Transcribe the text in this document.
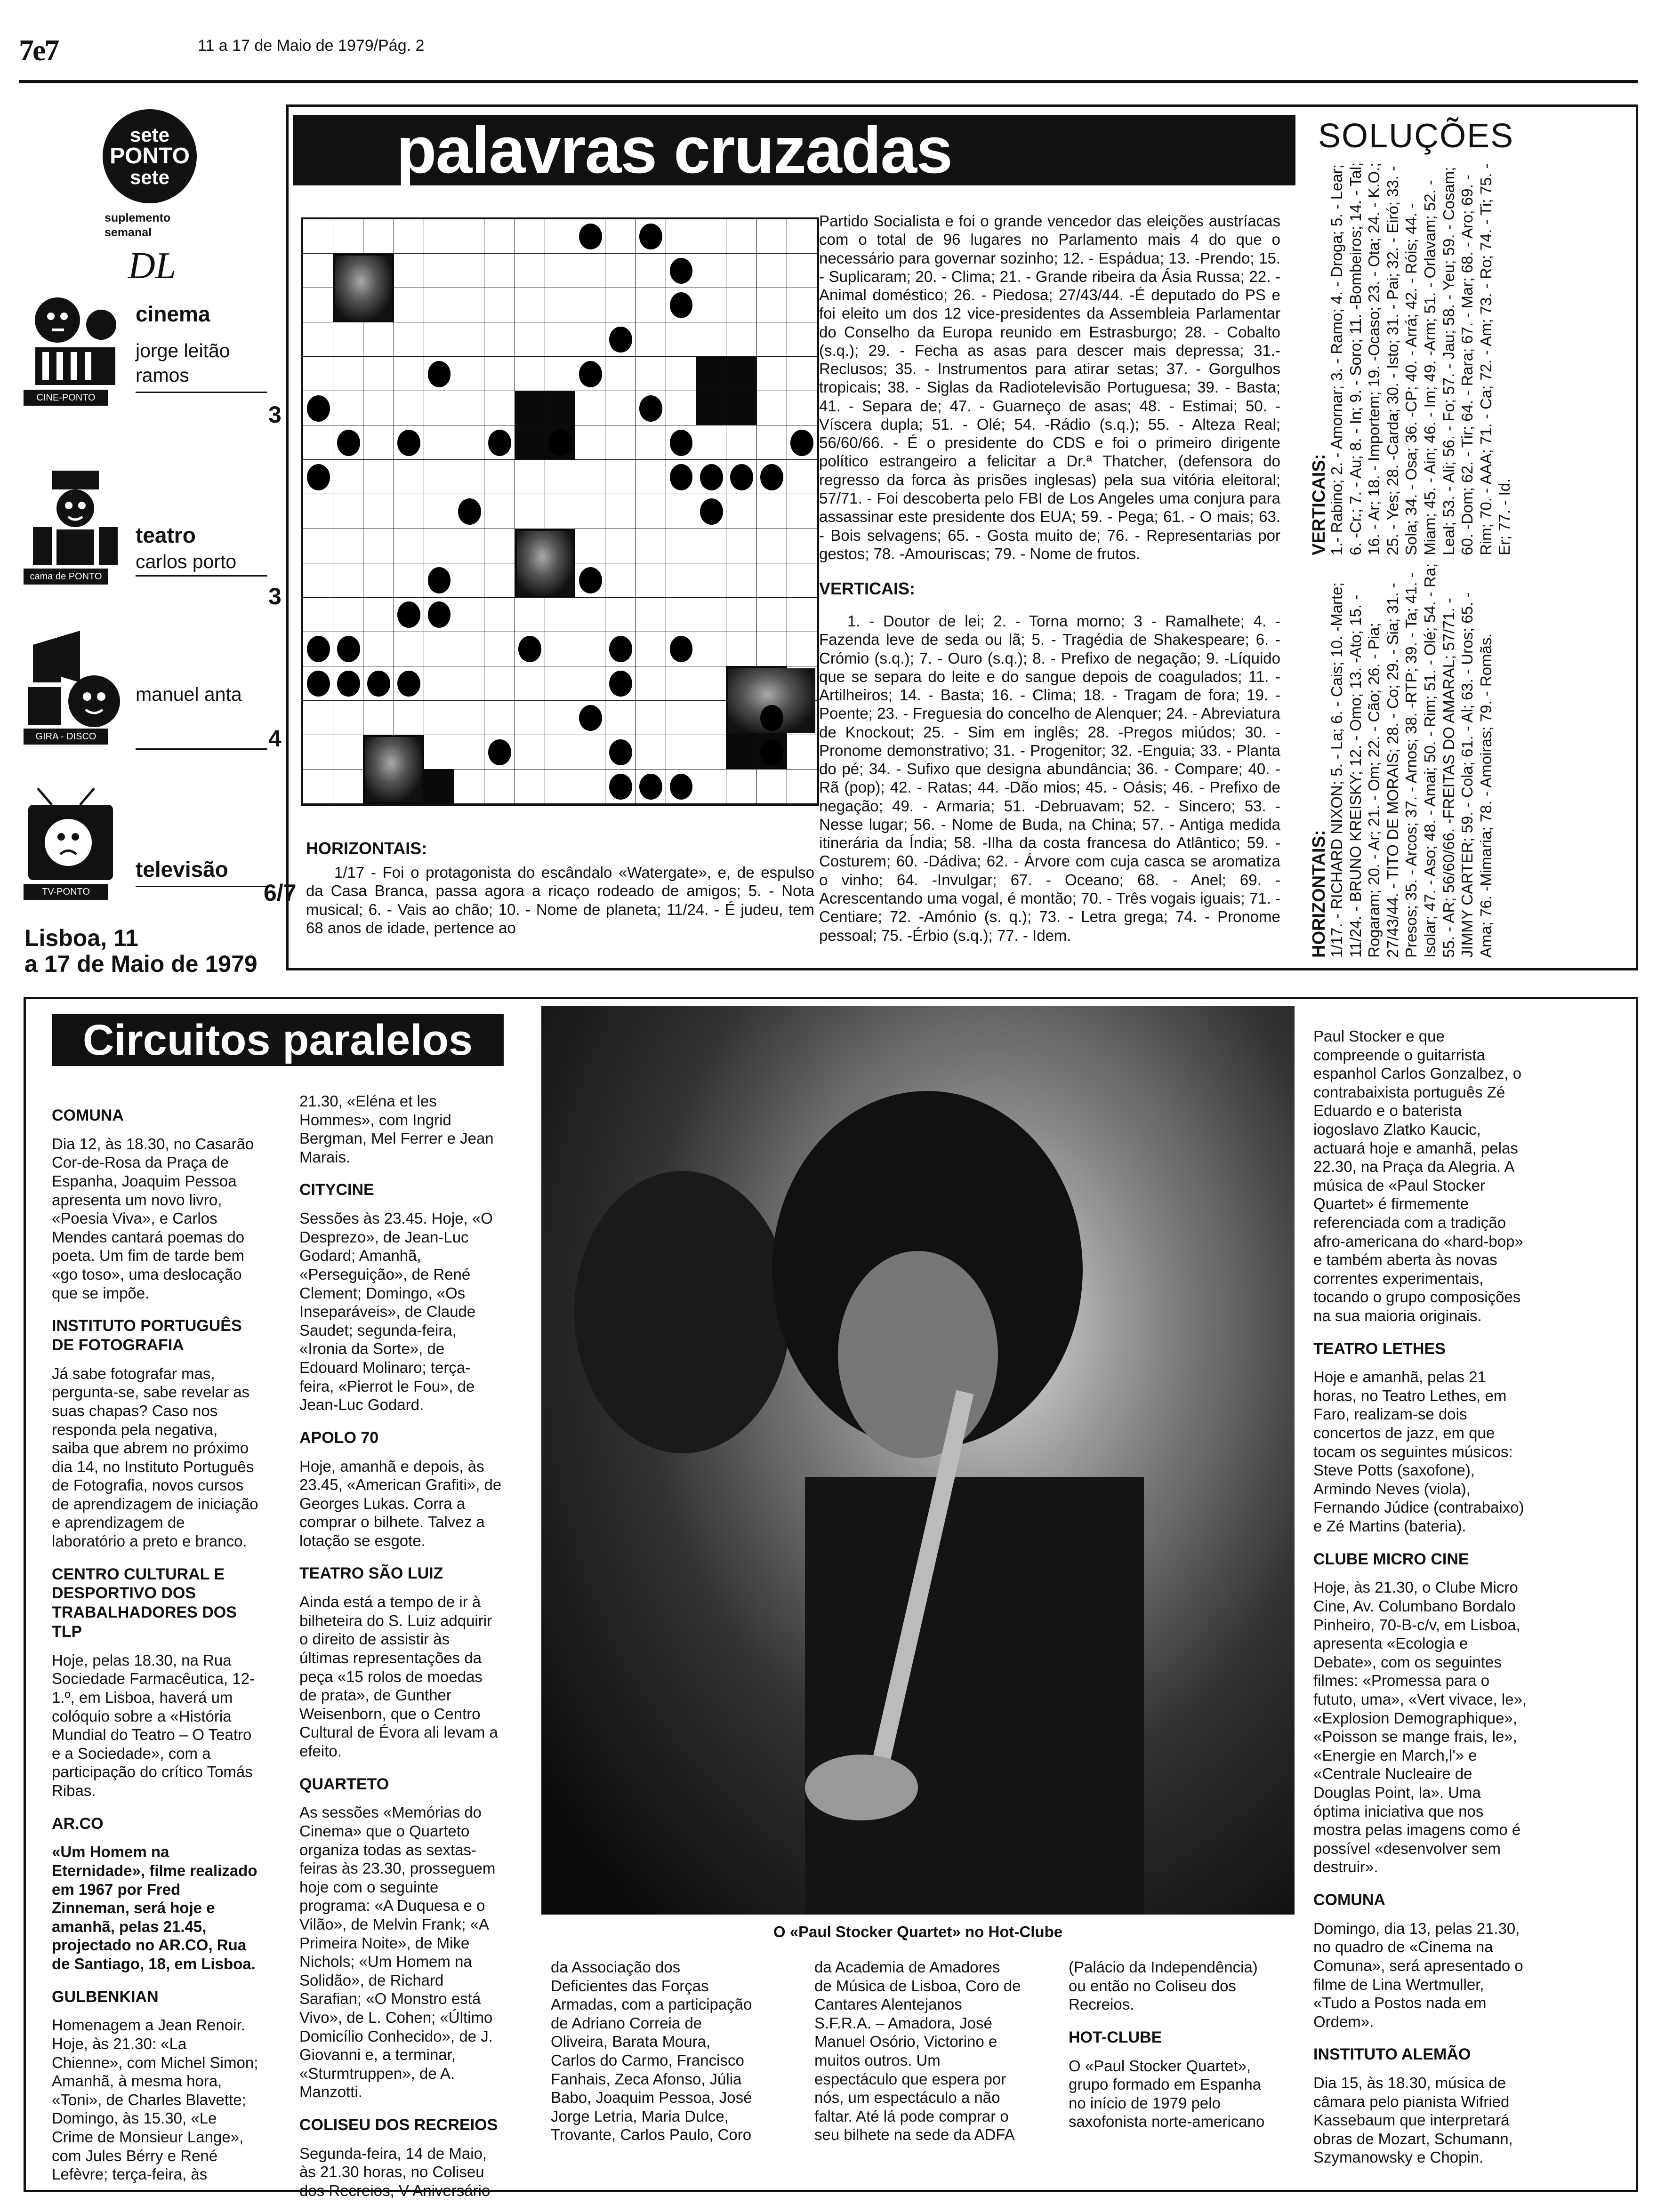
7e7	11 a 17 de Maio de 1979/Pág. 2
sete
PONTO
sete
suplemento
semanal
DL
CINE-PONTO
cinema
jorge leitão
ramos
3
cama de PONTO
teatro
carlos porto
3
GIRA - DISCO
manuel anta
4
TV-PONTO
televisão
6/7
Lisboa, 11
a 17 de Maio de 1979
palavras cruzadas	SOLUÇÕES
Partido Socialista e foi o grande vencedor das eleições austríacas com o total de 96 lugares no Parlamento mais 4 do que o necessário para governar sozinho; 12. - Espádua; 13. -Prendo; 15. - Suplicaram; 20. - Clima; 21. - Grande ribeira da Ásia Russa; 22. - Animal doméstico; 26. - Piedosa; 27/43/44. -É deputado do PS e foi eleito um dos 12 vice-presidentes da Assembleia Parlamentar do Conselho da Europa reunido em Estrasburgo; 28. - Cobalto (s.q.); 29. - Fecha as asas para descer mais depressa; 31.- Reclusos; 35. - Instrumentos para atirar setas; 37. - Gorgulhos tropicais; 38. - Siglas da Radiotelevisão Portuguesa; 39. - Basta; 41. - Separa de; 47. - Guarneço de asas; 48. - Estimai; 50. - Víscera dupla; 51. - Olé; 54. -Rádio (s.q.); 55. - Alteza Real; 56/60/66. - É o presidente do CDS e foi o primeiro dirigente político estrangeiro a felicitar a Dr.ª Thatcher, (defensora do regresso da forca às prisões inglesas) pela sua vitória eleitoral; 57/71. - Foi descoberta pelo FBI de Los Angeles uma conjura para assassinar este presidente dos EUA; 59. - Pega; 61. - O mais; 63. - Bois selvagens; 65. - Gosta muito de; 76. - Representarias por gestos; 78. -Amouriscas; 79. - Nome de frutos.
VERTICAIS:
1. - Doutor de lei; 2. - Torna morno; 3 - Ramalhete; 4. -Fazenda leve de seda ou lã; 5. - Tragédia de Shakespeare; 6. -Crómio (s.q.); 7. - Ouro (s.q.); 8. - Prefixo de negação; 9. -Líquido que se separa do leite e do sangue depois de coagulados; 11. - Artilheiros; 14. - Basta; 16. - Clima; 18. - Tragam de fora; 19. - Poente; 23. - Freguesia do concelho de Alenquer; 24. - Abreviatura de Knockout; 25. - Sim em inglês; 28. -Pregos miúdos; 30. - Pronome demonstrativo; 31. - Progenitor; 32. -Enguia; 33. - Planta do pé; 34. - Sufixo que designa abundância; 36. - Compare; 40. - Rã (pop); 42. - Ratas; 44. -Dão mios; 45. - Oásis; 46. - Prefixo de negação; 49. - Armaria; 51. -Debruavam; 52. - Sincero; 53. - Nesse lugar; 56. - Nome de Buda, na China; 57. - Antiga medida itinerária da Índia; 58. -Ilha da costa francesa do Atlântico; 59. - Costurem; 60. -Dádiva; 62. - Árvore com cuja casca se aromatiza o vinho; 64. -Invulgar; 67. - Oceano; 68. - Anel; 69. - Acrescentando uma vogal, é montão; 70. - Três vogais iguais; 71. - Centiare; 72. -Amónio (s. q.); 73. - Letra grega; 74. - Pronome pessoal; 75. -Érbio (s.q.); 77. - Idem.
HORIZONTAIS:
1/17 - Foi o protagonista do escândalo «Watergate», e, de espulso da Casa Branca, passa agora a ricaço rodeado de amigos; 5. - Nota musical; 6. - Vais ao chão; 10. - Nome de planeta; 11/24. - É judeu, tem 68 anos de idade, pertence ao
VERTICAIS:
1.- Rabino; 2. - Amornar; 3. - Ramo; 4. - Droga; 5. - Lear; 6. -Cr.; 7. - Au; 8. - In; 9. - Soro; 11. -Bombeiros; 14. - Tal; 16. - Ar; 18. - Importem; 19. -Ocaso; 23. - Ota; 24. - K.O.; 25. - Yes; 28. -Carda; 30. - Isto; 31. - Pai; 32. - Eiró; 33. - Sola; 34. - Osa; 36. -CP; 40. - Arrá; 42. - Róis; 44. - Miam; 45. - Ain; 46. - Im; 49. -Arm; 51. - Orlavam; 52. - Leal; 53. - Ali; 56. - Fo; 57. - Jau; 58. - Yeu; 59. - Cosam; 60. -Dom; 62. - Tir; 64. - Rara; 67. - Mar; 68. - Aro; 69. -Rim; 70. - AAA; 71. - Ca; 72. - Am; 73. - Ro; 74. - Ti; 75. - Er; 77. - Id.
HORIZONTAIS:
1/17. - RICHARD NIXON; 5. - La; 6. - Cais; 10. -Marte; 11/24. - BRUNO KREISKY; 12. - Omo; 13. -Ato; 15. - Rogaram; 20. - Ar; 21. - Om; 22. - Cão; 26. - Pia; 27/43/44. - TITO DE MORAIS; 28. - Co; 29. - Sia; 31. - Presos; 35. - Arcos; 37. - Arnos; 38. -RTP; 39. - Ta; 41. - Isolar; 47. - Aso; 48. - Amai; 50. - Rim; 51. - Olé; 54. - Ra; 55. - AR; 56/60/66. -FREITAS DO AMARAL; 57/71. - JIMMY CARTER; 59. - Cola; 61. - Al; 63. - Uros; 65. - Ama; 76. -Mimaria; 78. - Amoiras; 79. - Romãs.
Circuitos paralelos
O «Paul Stocker Quartet» no Hot-Clube
COMUNA

Dia 12, às 18.30, no Casarão Cor-de-Rosa da Praça de Espanha, Joaquim Pessoa apresenta um novo livro, «Poesia Viva», e Carlos Mendes cantará poemas do poeta. Um fim de tarde bem «go toso», uma deslocação que se impõe.

INSTITUTO PORTUGUÊS DE FOTOGRAFIA

Já sabe fotografar mas, pergunta-se, sabe revelar as suas chapas? Caso nos responda pela negativa, saiba que abrem no próximo dia 14, no Instituto Português de Fotografia, novos cursos de aprendizagem de iniciação e aprendizagem de laboratório a preto e branco.

CENTRO CULTURAL E DESPORTIVO DOS TRABALHADORES DOS TLP

Hoje, pelas 18.30, na Rua Sociedade Farmacêutica, 12-1.º, em Lisboa, haverá um colóquio sobre a «História Mundial do Teatro – O Teatro e a Sociedade», com a participação do crítico Tomás Ribas.

AR.CO

«Um Homem na Eternidade», filme realizado em 1967 por Fred Zinneman, será hoje e amanhã, pelas 21.45, projectado no AR.CO, Rua de Santiago, 18, em Lisboa.

GULBENKIAN

Homenagem a Jean Renoir. Hoje, às 21.30: «La Chienne», com Michel Simon; Amanhã, à mesma hora, «Toni», de Charles Blavette; Domingo, às 15.30, «Le Crime de Monsieur Lange», com Jules Bérry e René Lefèvre; terça-feira, às

21.30, «Eléna et les Hommes», com Ingrid Bergman, Mel Ferrer e Jean Marais.

CITYCINE

Sessões às 23.45. Hoje, «O Desprezo», de Jean-Luc Godard; Amanhã, «Perseguição», de René Clement; Domingo, «Os Inseparáveis», de Claude Saudet; segunda-feira, «Ironia da Sorte», de Edouard Molinaro; terça-feira, «Pierrot le Fou», de Jean-Luc Godard.

APOLO 70

Hoje, amanhã e depois, às 23.45, «American Grafiti», de Georges Lukas. Corra a comprar o bilhete. Talvez a lotação se esgote.

TEATRO SÃO LUIZ

Ainda está a tempo de ir à bilheteira do S. Luiz adquirir o direito de assistir às últimas representações da peça «15 rolos de moedas de prata», de Gunther Weisenborn, que o Centro Cultural de Évora ali levam a efeito.

QUARTETO

As sessões «Memórias do Cinema» que o Quarteto organiza todas as sextas-feiras às 23.30, prosseguem hoje com o seguinte programa: «A Duquesa e o Vilão», de Melvin Frank; «A Primeira Noite», de Mike Nichols; «Um Homem na Solidão», de Richard Sarafian; «O Monstro está Vivo», de L. Cohen; «Último Domicílio Conhecido», de J. Giovanni e, a terminar, «Sturmtruppen», de A. Manzotti.

COLISEU DOS RECREIOS

Segunda-feira, 14 de Maio, às 21.30 horas, no Coliseu dos Recreios, V Aniversário

da Associação dos Deficientes das Forças Armadas, com a participação de Adriano Correia de Oliveira, Barata Moura, Carlos do Carmo, Francisco Fanhais, Zeca Afonso, Júlia Babo, Joaquim Pessoa, José Jorge Letria, Maria Dulce, Trovante, Carlos Paulo, Coro
da Academia de Amadores de Música de Lisboa, Coro de Cantares Alentejanos S.F.R.A. – Amadora, José Manuel Osório, Victorino e muitos outros. Um espectáculo que espera por nós, um espectáculo a não faltar. Até lá pode comprar o seu bilhete na sede da ADFA

(Palácio da Independência) ou então no Coliseu dos Recreios.

HOT-CLUBE

O «Paul Stocker Quartet», grupo formado em Espanha no início de 1979 pelo saxofonista norte-americano

Paul Stocker e que compreende o guitarrista espanhol Carlos Gonzalbez, o contrabaixista português Zé Eduardo e o baterista iogoslavo Zlatko Kaucic, actuará hoje e amanhã, pelas 22.30, na Praça da Alegria. A música de «Paul Stocker Quartet» é firmemente referenciada com a tradição afro-americana do «hard-bop» e também aberta às novas correntes experimentais, tocando o grupo composições na sua maioria originais.

TEATRO LETHES

Hoje e amanhã, pelas 21 horas, no Teatro Lethes, em Faro, realizam-se dois concertos de jazz, em que tocam os seguintes músicos: Steve Potts (saxofone), Armindo Neves (viola), Fernando Júdice (contrabaixo) e Zé Martins (bateria).

CLUBE MICRO CINE

Hoje, às 21.30, o Clube Micro Cine, Av. Columbano Bordalo Pinheiro, 70-B-c/v, em Lisboa, apresenta «Ecologia e Debate», com os seguintes filmes: «Promessa para o fututo, uma», «Vert vivace, le», «Explosion Demographique», «Poisson se mange frais, le», «Energie en March,l'» e «Centrale Nucleaire de Douglas Point, la». Uma óptima iniciativa que nos mostra pelas imagens como é possível «desenvolver sem destruir».

COMUNA

Domingo, dia 13, pelas 21.30, no quadro de «Cinema na Comuna», será apresentado o filme de Lina Wertmuller, «Tudo a Postos nada em Ordem».

INSTITUTO ALEMÃO

Dia 15, às 18.30, música de câmara pelo pianista Wifried Kassebaum que interpretará obras de Mozart, Schumann, Szymanowsky e Chopin.
